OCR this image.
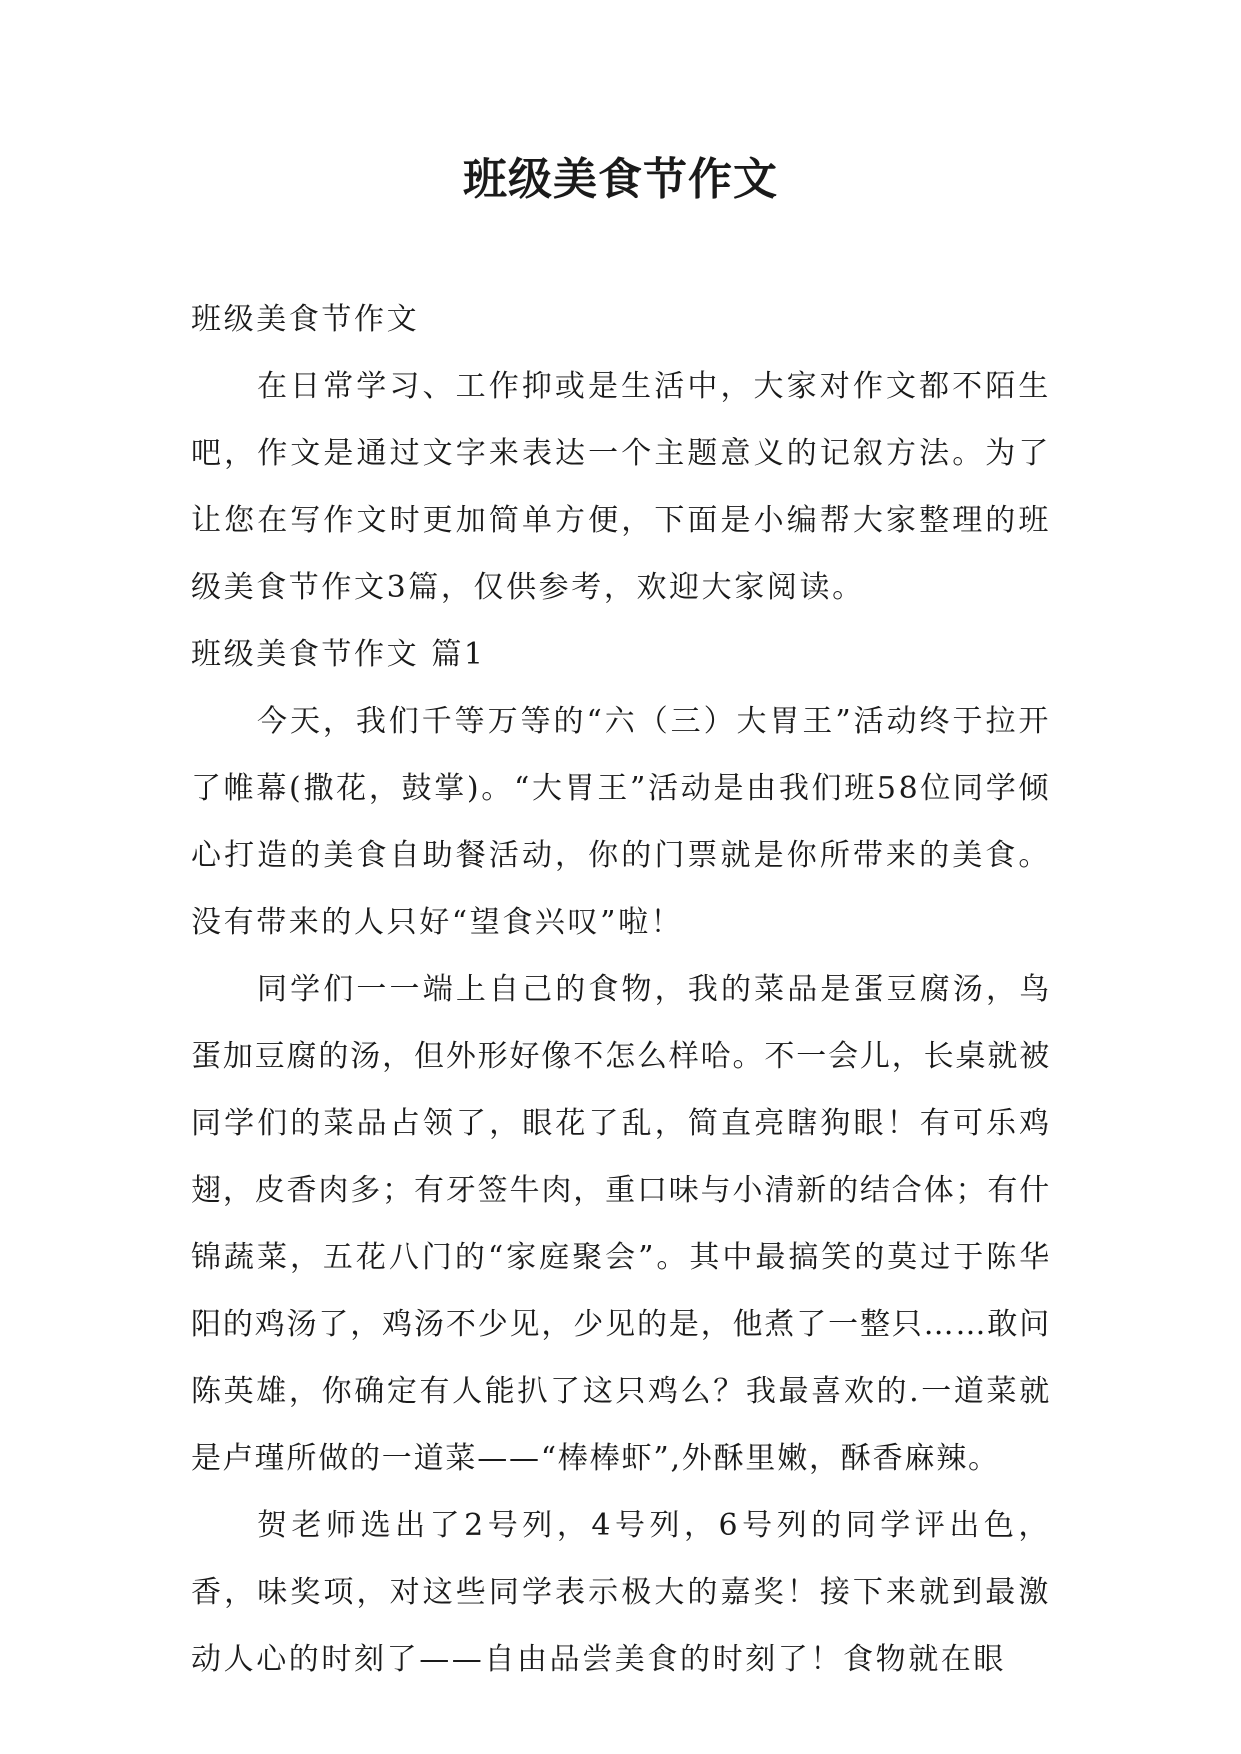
班级美食节作文

班级美食节作文

在日常学习、工作抑或是生活中，大家对作文都不陌生吧，作文是通过文字来表达一个主题意义的记叙方法。为了让您在写作文时更加简单方便，下面是小编帮大家整理的班级美食节作文3篇，仅供参考，欢迎大家阅读。

班级美食节作文 篇1

今天，我们千等万等的“六（三）大胃王”活动终于拉开了帷幕(撒花，鼓掌)。“大胃王”活动是由我们班58位同学倾心打造的美食自助餐活动，你的门票就是你所带来的美食。没有带来的人只好“望食兴叹”啦！

同学们一一端上自己的食物，我的菜品是蛋豆腐汤，鸟蛋加豆腐的汤，但外形好像不怎么样哈。不一会儿，长桌就被同学们的菜品占领了，眼花了乱，简直亮瞎狗眼！有可乐鸡翅，皮香肉多；有牙签牛肉，重口味与小清新的结合体；有什锦蔬菜，五花八门的“家庭聚会”。其中最搞笑的莫过于陈华阳的鸡汤了，鸡汤不少见，少见的是，他煮了一整只……敢问陈英雄，你确定有人能扒了这只鸡么？我最喜欢的.一道菜就是卢瑾所做的一道菜——“棒棒虾”,外酥里嫩，酥香麻辣。

贺老师选出了2号列，4号列，6号列的同学评出色，香，味奖项，对这些同学表示极大的嘉奖！接下来就到最激动人心的时刻了——自由品尝美食的时刻了！食物就在眼
